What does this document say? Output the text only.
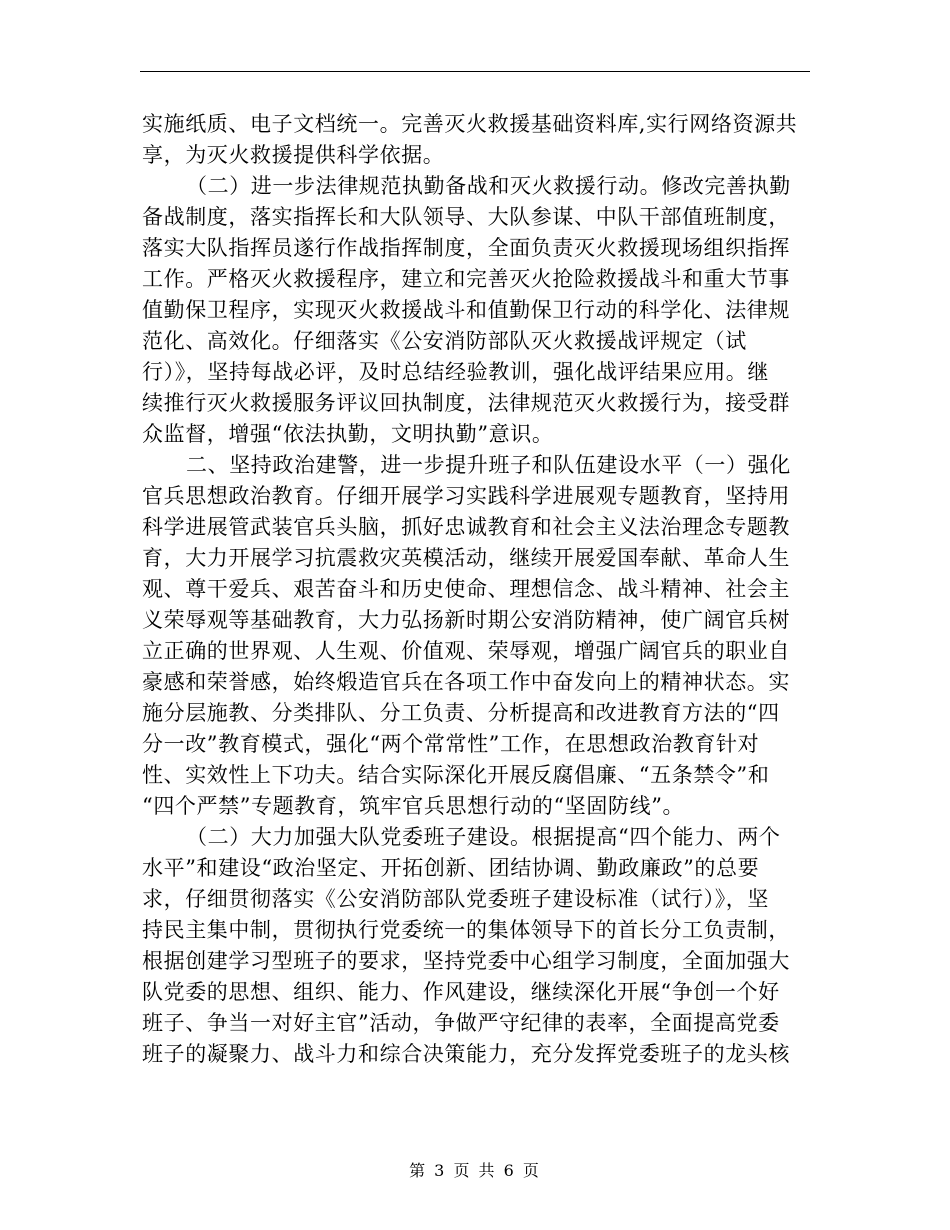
实施纸质、电子文档统一。完善灭火救援基础资料库,实行网络资源共
享，为灭火救援提供科学依据。
（二）进一步法律规范执勤备战和灭火救援行动。修改完善执勤
备战制度，落实指挥长和大队领导、大队参谋、中队干部值班制度，
落实大队指挥员遂行作战指挥制度，全面负责灭火救援现场组织指挥
工作。严格灭火救援程序，建立和完善灭火抢险救援战斗和重大节事
值勤保卫程序，实现灭火救援战斗和值勤保卫行动的科学化、法律规
范化、高效化。仔细落实《公安消防部队灭火救援战评规定（试
行）》，坚持每战必评，及时总结经验教训，强化战评结果应用。继
续推行灭火救援服务评议回执制度，法律规范灭火救援行为，接受群
众监督，增强“依法执勤，文明执勤”意识。
二、坚持政治建警，进一步提升班子和队伍建设水平（一）强化
官兵思想政治教育。仔细开展学习实践科学进展观专题教育，坚持用
科学进展管武装官兵头脑，抓好忠诚教育和社会主义法治理念专题教
育，大力开展学习抗震救灾英模活动，继续开展爱国奉献、革命人生
观、尊干爱兵、艰苦奋斗和历史使命、理想信念、战斗精神、社会主
义荣辱观等基础教育，大力弘扬新时期公安消防精神，使广阔官兵树
立正确的世界观、人生观、价值观、荣辱观，增强广阔官兵的职业自
豪感和荣誉感，始终煅造官兵在各项工作中奋发向上的精神状态。实
施分层施教、分类排队、分工负责、分析提高和改进教育方法的“四
分一改”教育模式，强化“两个常常性”工作，在思想政治教育针对
性、实效性上下功夫。结合实际深化开展反腐倡廉、“五条禁令”和
“四个严禁”专题教育，筑牢官兵思想行动的“坚固防线”。
（二）大力加强大队党委班子建设。根据提高“四个能力、两个
水平”和建设“政治坚定、开拓创新、团结协调、勤政廉政”的总要
求，仔细贯彻落实《公安消防部队党委班子建设标准（试行）》，坚
持民主集中制，贯彻执行党委统一的集体领导下的首长分工负责制，
根据创建学习型班子的要求，坚持党委中心组学习制度，全面加强大
队党委的思想、组织、能力、作风建设，继续深化开展“争创一个好
班子、争当一对好主官”活动，争做严守纪律的表率，全面提高党委
班子的凝聚力、战斗力和综合决策能力，充分发挥党委班子的龙头核
第 3 页 共 6 页
